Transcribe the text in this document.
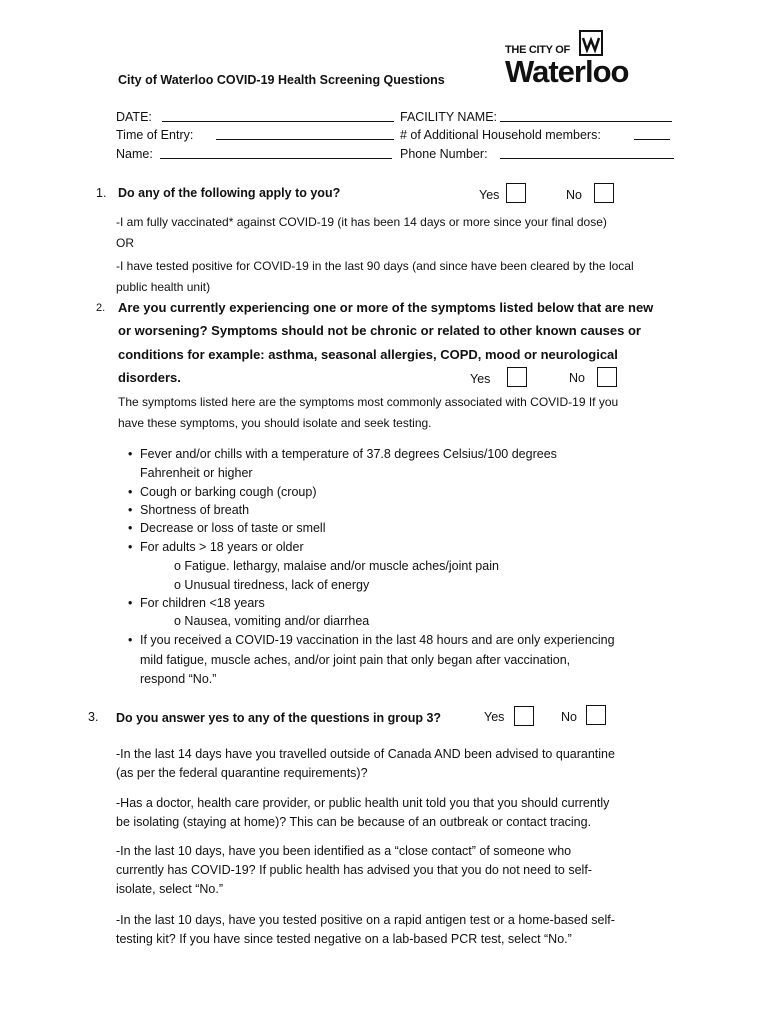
THE CITY OF
Waterloo
City of Waterloo COVID-19 Health Screening Questions
DATE:	FACILITY NAME:
Time of Entry:	# of Additional Household members:
Name:	Phone Number:
1. Do any of the following apply to you?	Yes	No
-I am fully vaccinated* against COVID-19 (it has been 14 days or more since your final dose)
OR
-I have tested positive for COVID-19 in the last 90 days (and since have been cleared by the local
public health unit)
2. Are you currently experiencing one or more of the symptoms listed below that are new
or worsening? Symptoms should not be chronic or related to other known causes or
conditions for example: asthma, seasonal allergies, COPD, mood or neurological
disorders.	Yes	No
The symptoms listed here are the symptoms most commonly associated with COVID-19 If you
have these symptoms, you should isolate and seek testing.
• Fever and/or chills with a temperature of 37.8 degrees Celsius/100 degrees
Fahrenheit or higher
• Cough or barking cough (croup)
• Shortness of breath
• Decrease or loss of taste or smell
• For adults > 18 years or older
o Fatigue. lethargy, malaise and/or muscle aches/joint pain
o Unusual tiredness, lack of energy
• For children <18 years
o Nausea, vomiting and/or diarrhea
• If you received a COVID-19 vaccination in the last 48 hours and are only experiencing
mild fatigue, muscle aches, and/or joint pain that only began after vaccination,
respond “No.”
3. Do you answer yes to any of the questions in group 3?	Yes	No
-In the last 14 days have you travelled outside of Canada AND been advised to quarantine
(as per the federal quarantine requirements)?
-Has a doctor, health care provider, or public health unit told you that you should currently
be isolating (staying at home)? This can be because of an outbreak or contact tracing.
-In the last 10 days, have you been identified as a “close contact” of someone who
currently has COVID-19? If public health has advised you that you do not need to self-
isolate, select “No.”
-In the last 10 days, have you tested positive on a rapid antigen test or a home-based self-
testing kit? If you have since tested negative on a lab-based PCR test, select “No.”
